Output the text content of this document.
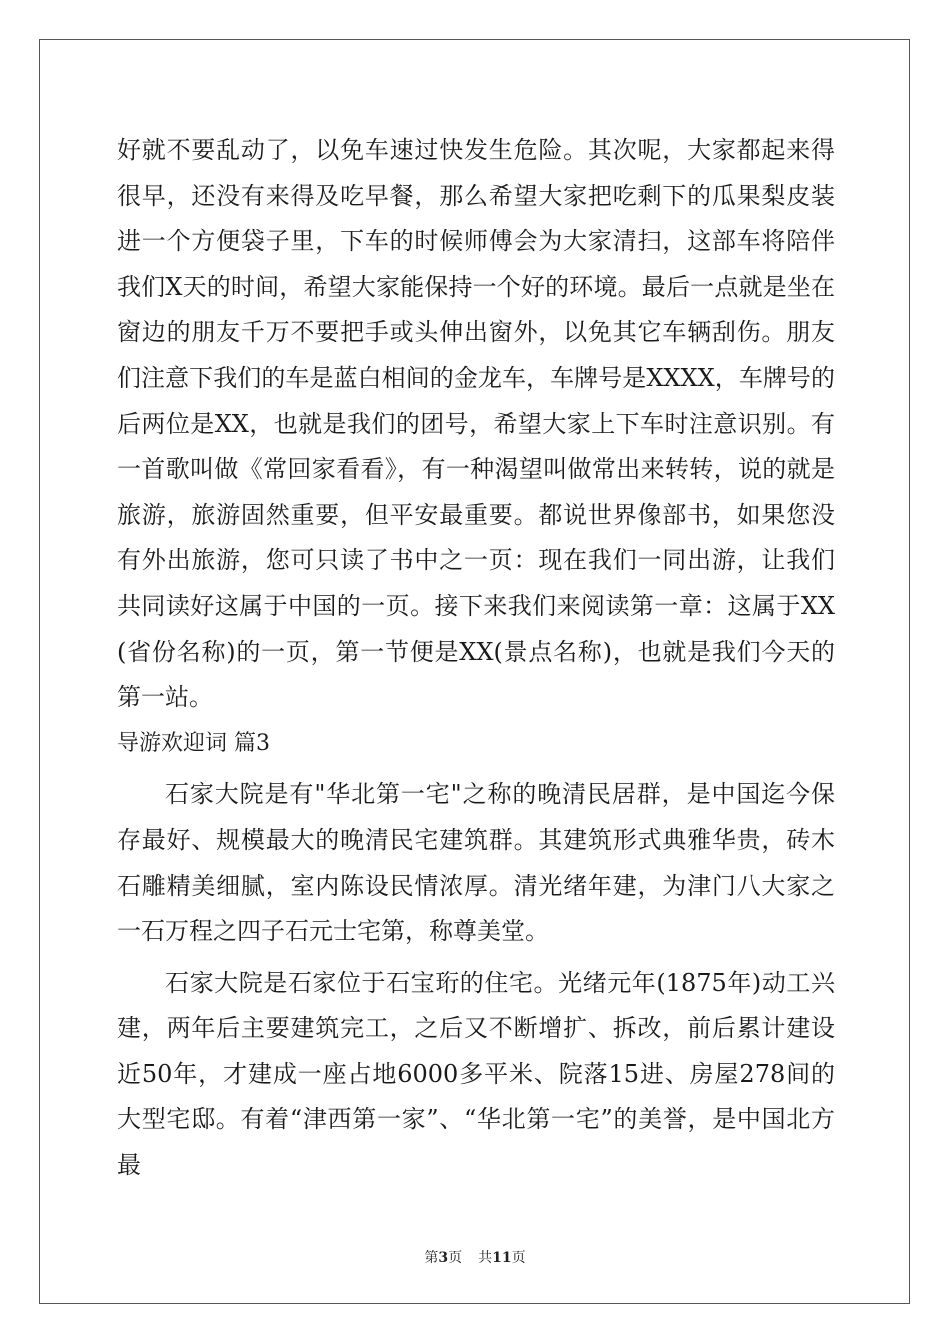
好就不要乱动了，以免车速过快发生危险。其次呢，大家都起来得很早，还没有来得及吃早餐，那么希望大家把吃剩下的瓜果梨皮装进一个方便袋子里，下车的时候师傅会为大家清扫，这部车将陪伴我们X天的时间，希望大家能保持一个好的环境。最后一点就是坐在窗边的朋友千万不要把手或头伸出窗外，以免其它车辆刮伤。朋友们注意下我们的车是蓝白相间的金龙车，车牌号是XXXX，车牌号的后两位是XX，也就是我们的团号，希望大家上下车时注意识别。有一首歌叫做《常回家看看》，有一种渴望叫做常出来转转，说的就是旅游，旅游固然重要，但平安最重要。都说世界像部书，如果您没有外出旅游，您可只读了书中之一页：现在我们一同出游，让我们共同读好这属于中国的一页。接下来我们来阅读第一章：这属于XX(省份名称)的一页，第一节便是XX(景点名称)，也就是我们今天的第一站。

导游欢迎词 篇3

石家大院是有"华北第一宅"之称的晚清民居群，是中国迄今保存最好、规模最大的晚清民宅建筑群。其建筑形式典雅华贵，砖木石雕精美细腻，室内陈设民情浓厚。清光绪年建，为津门八大家之一石万程之四子石元士宅第，称尊美堂。

石家大院是石家位于石宝珩的住宅。光绪元年(1875年)动工兴建，两年后主要建筑完工，之后又不断增扩、拆改，前后累计建设近50年，才建成一座占地6000多平米、院落15进、房屋278间的大型宅邸。有着“津西第一家”、“华北第一宅”的美誉，是中国北方最

第3页 共11页
